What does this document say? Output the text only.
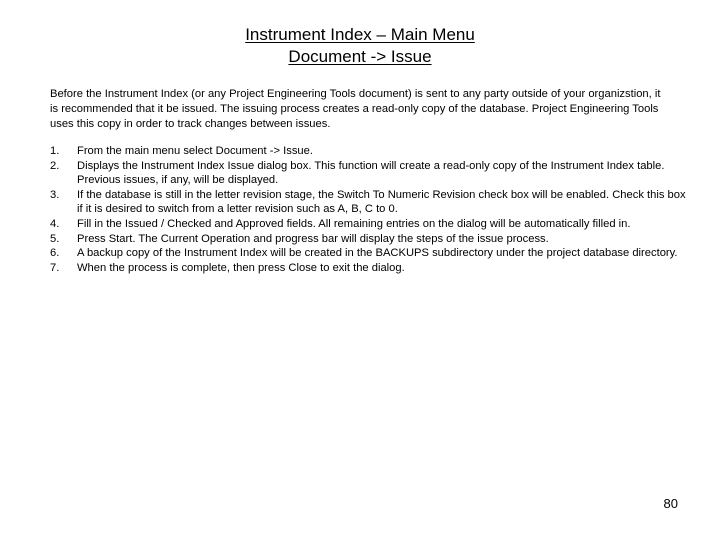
Instrument Index – Main Menu
Document -> Issue

Before the Instrument Index (or any Project Engineering Tools document) is sent to any party outside of your organizstion, it is recommended that it be issued. The issuing process creates a read-only copy of the database. Project Engineering Tools uses this copy in order to track changes between issues.

1.	From the main menu select Document -> Issue.
2.	Displays the Instrument Index Issue dialog box. This function will create a read-only copy of the Instrument Index table. Previous issues, if any, will be displayed.
3.	If the database is still in the letter revision stage, the Switch To Numeric Revision check box will be enabled. Check this box if it is desired to switch from a letter revision such as A, B, C to 0.
4.	Fill in the Issued / Checked and Approved fields. All remaining entries on the dialog will be automatically filled in.
5.	Press Start. The Current Operation and progress bar will display the steps of the issue process.
6.	A backup copy of the Instrument Index will be created in the BACKUPS subdirectory under the project database directory.
7.	When the process is complete, then press Close to exit the dialog.
80
